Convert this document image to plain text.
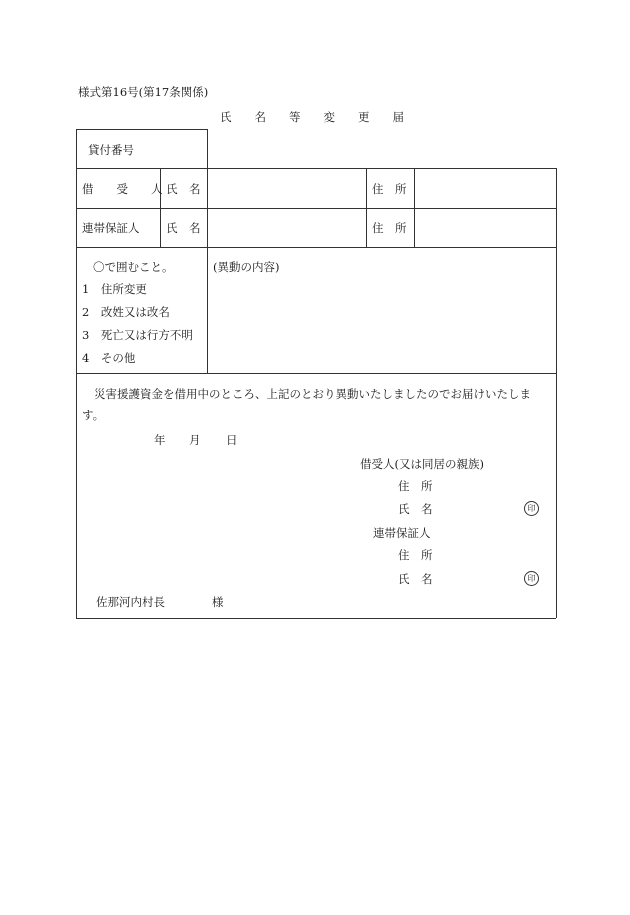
様式第16号(第17条関係)
氏　　名　　等　　変　　更　　届
貸付番号
借　　受　　人 氏　名	住　所
連帯保証人 氏　名	住　所
〇で囲むこと。
1　 住所変更
2　 改姓又は改名
3　 死亡又は行方不明
4　 その他
(異動の内容)
災害援護資金を借用中のところ、上記のとおり異動いたしましたのでお届けいたしま
す。
年 月 日
借受人(又は同居の親族)
住　所
氏　名	印
連帯保証人
住　所
氏　名	印
佐那河内村長	様
